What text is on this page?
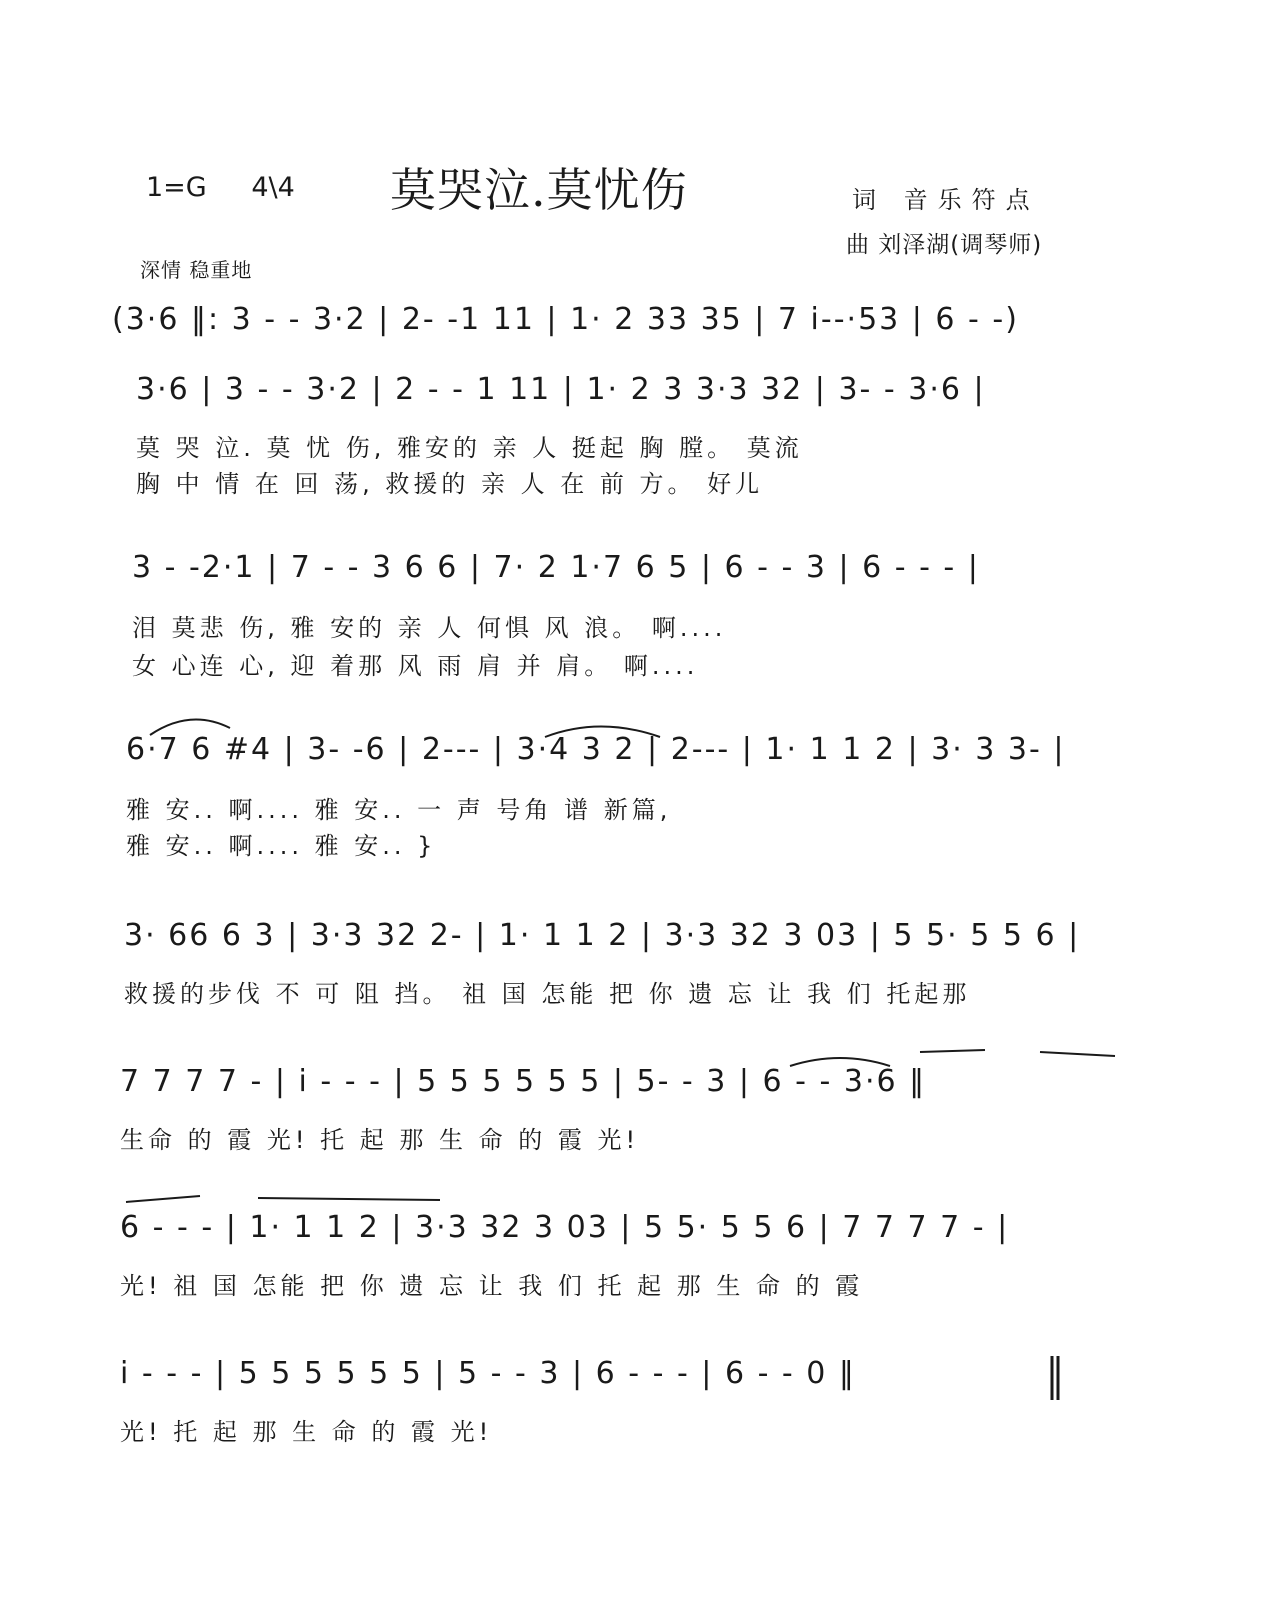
1=G 4\4 莫哭泣.莫忧伤	词 音乐符点
曲 刘泽湖(调琴师)
深情 稳重地
(3·6 ‖: 3 - - 3·2 | 2- -1 11 | 1· 2 33 35 | 7 i--·53 | 6 - -)
3·6 | 3 - - 3·2 | 2 - - 1 11 | 1· 2 3 3·3 32 | 3- - 3·6 |
莫 哭 泣. 莫 忧 伤, 雅安的 亲 人 挺起 胸 膛。 莫流
胸 中 情 在 回 荡, 救援的 亲 人 在 前 方。 好儿
3 - -2·1 | 7 - - 3 6 6 | 7· 2 1·7 6 5 | 6 - - 3 | 6 - - - |
泪 莫悲 伤, 雅 安的 亲 人 何惧 风 浪。 啊....
女 心连 心, 迎 着那 风 雨 肩 并 肩。 啊....
6·7 6 #4 | 3- -6 | 2--- | 3·4 3 2 | 2--- | 1· 1 1 2 | 3· 3 3- |
雅 安.. 啊.... 雅 安.. 一 声 号角 谱 新篇,
雅 安.. 啊.... 雅 安.. }
3· 66 6 3 | 3·3 32 2- | 1· 1 1 2 | 3·3 32 3 03 | 5 5· 5 5 6 |
救援的步伐 不 可 阻 挡。 祖 国 怎能 把 你 遗 忘 让 我 们 托起那
7 7 7 7 - | i - - - | 5 5 5 5 5 5 | 5- - 3 | 6 - - 3·6 ‖
生命 的 霞 光! 托 起 那 生 命 的 霞 光!
6 - - - | 1· 1 1 2 | 3·3 32 3 03 | 5 5· 5 5 6 | 7 7 7 7 - |
光! 祖 国 怎能 把 你 遗 忘 让 我 们 托 起 那 生 命 的 霞
i - - - | 5 5 5 5 5 5 | 5 - - 3 | 6 - - - | 6 - - 0 ‖
光! 托 起 那 生 命 的 霞 光!
